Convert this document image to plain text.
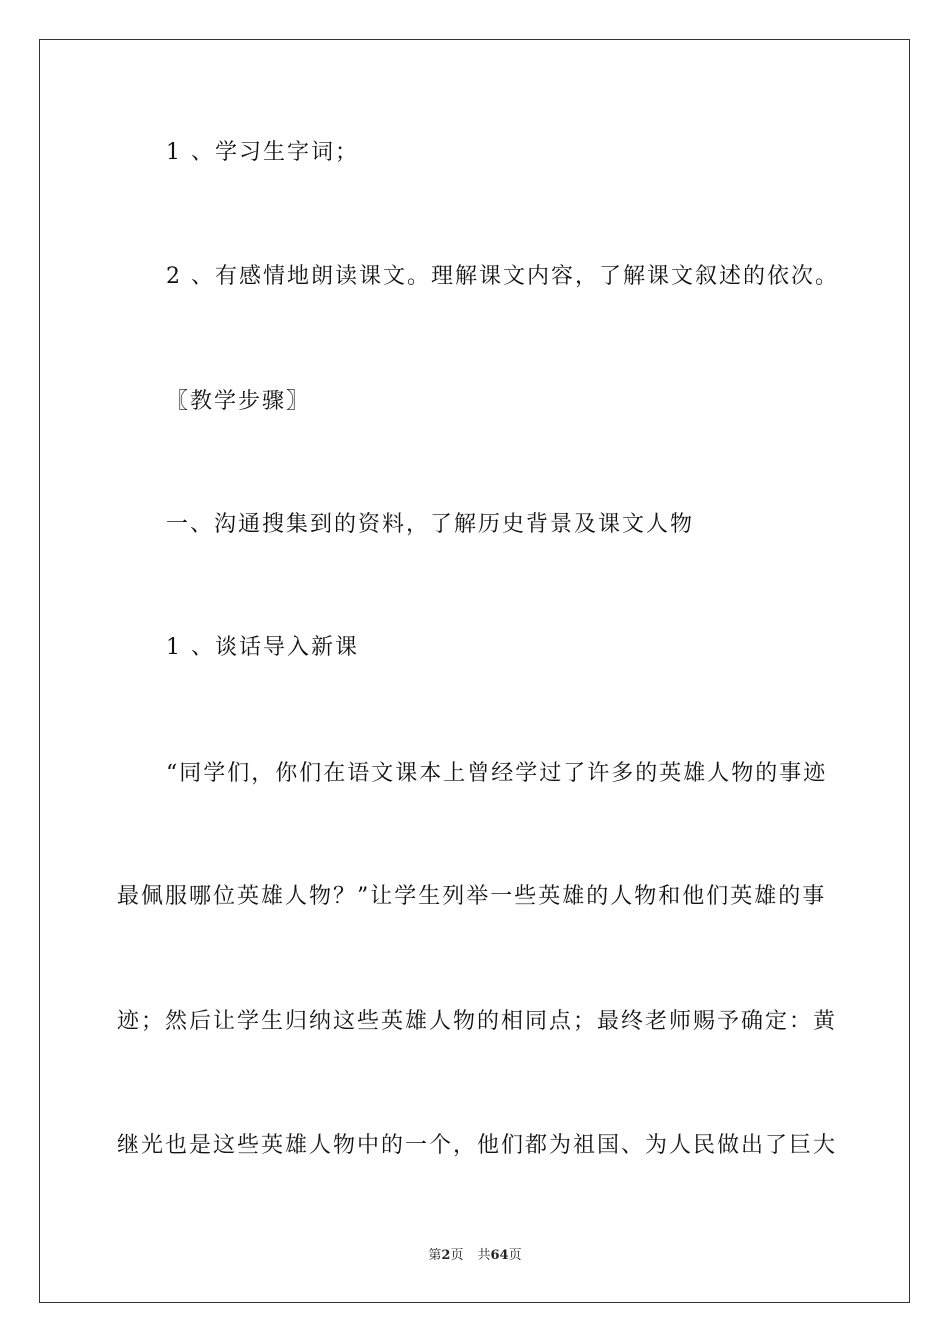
1 、学习生字词；
2 、有感情地朗读课文。理解课文内容，了解课文叙述的依次。
〖教学步骤〗
一、沟通搜集到的资料，了解历史背景及课文人物
1 、谈话导入新课
“同学们，你们在语文课本上曾经学过了许多的英雄人物的事迹
最佩服哪位英雄人物？”让学生列举一些英雄的人物和他们英雄的事
迹；然后让学生归纳这些英雄人物的相同点；最终老师赐予确定：黄
继光也是这些英雄人物中的一个，他们都为祖国、为人民做出了巨大
第2页 共64页
